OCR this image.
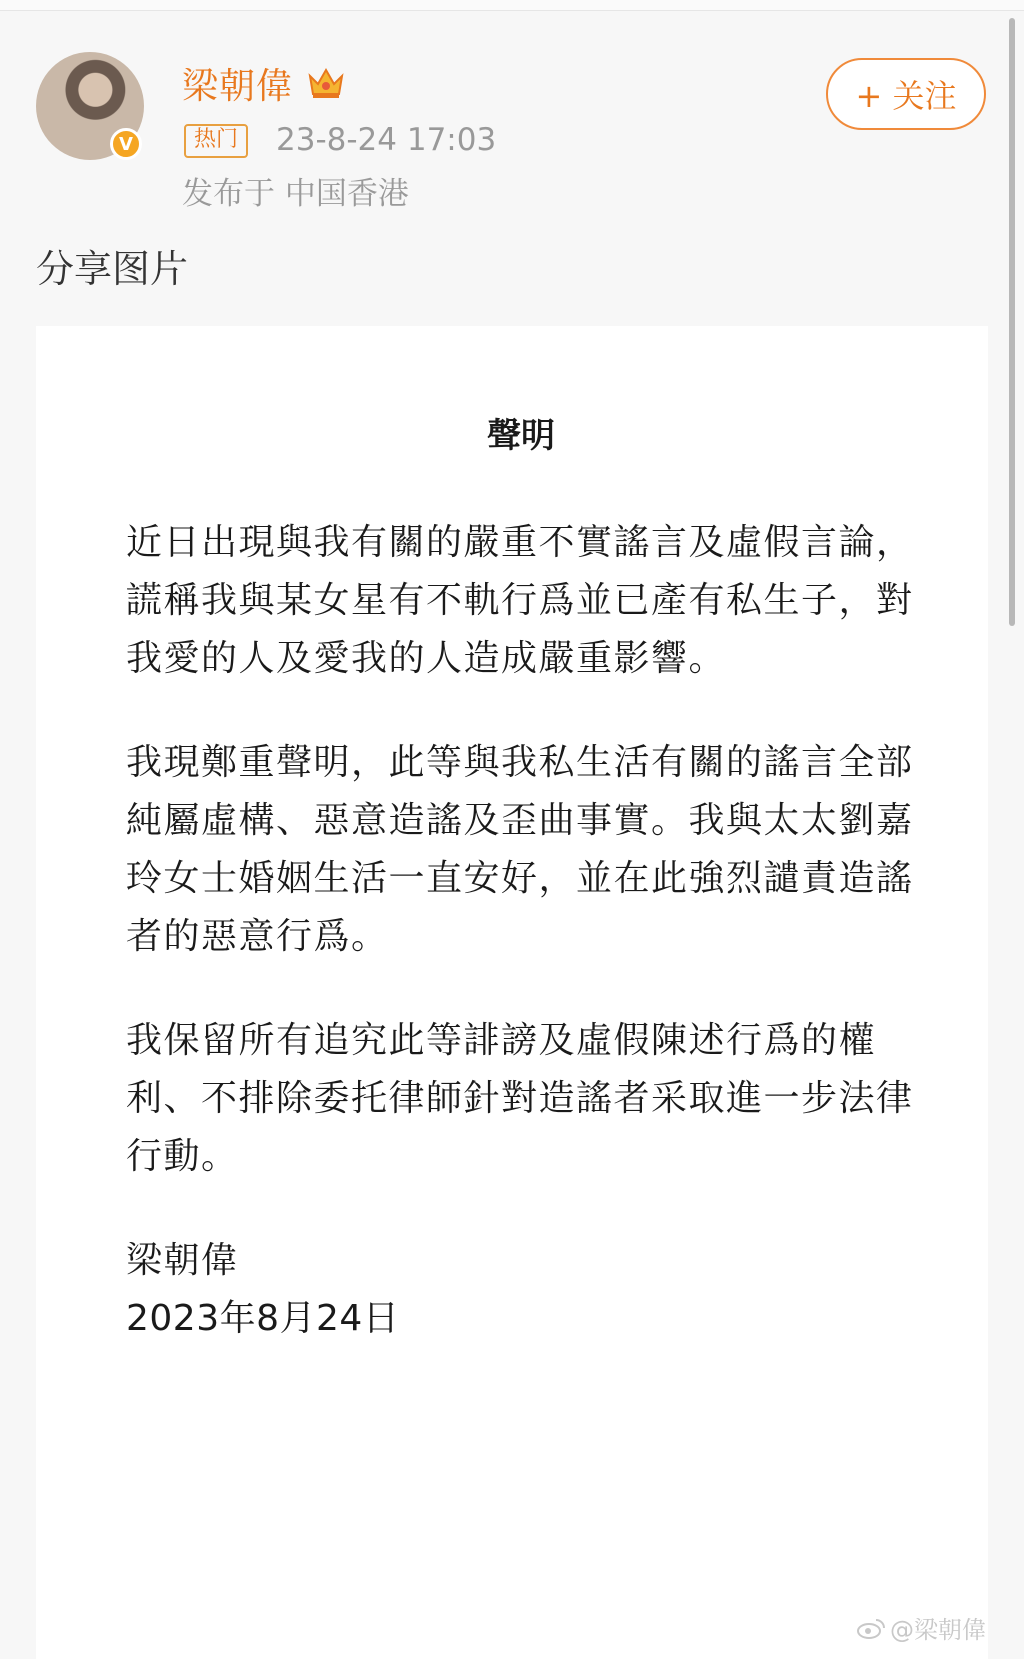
V
梁朝偉
热门	23-8-24 17:03
发布于 中国香港
+ 关注
分享图片
聲明

近日出現與我有關的嚴重不實謠言及虛假言論，謊稱我與某女星有不軌行爲並已產有私生子，對我愛的人及愛我的人造成嚴重影響。

我現鄭重聲明，此等與我私生活有關的謠言全部純屬虛構、惡意造謠及歪曲事實。我與太太劉嘉玲女士婚姻生活一直安好，並在此強烈譴責造謠者的惡意行爲。

我保留所有追究此等誹謗及虛假陳述行爲的權利、不排除委托律師針對造謠者采取進一步法律行動。

梁朝偉

2023年8月24日

@梁朝偉
